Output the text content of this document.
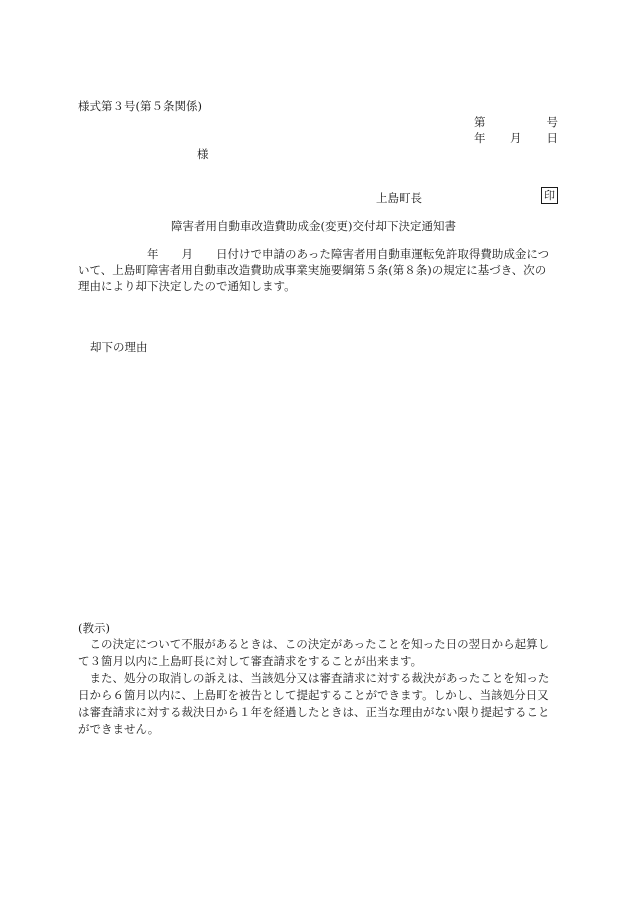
様式第３号(第５条関係)
第	号
年 月 日
様
上島町長	印
障害者用自動車改造費助成金(変更)交付却下決定通知書
　　　　　　年　　月　　日付けで申請のあった障害者用自動車運転免許取得費助成金につ
いて、上島町障害者用自動車改造費助成事業実施要綱第５条(第８条)の規定に基づき、次の
理由により却下決定したので通知します。
却下の理由
(教示)
　この決定について不服があるときは、この決定があったことを知った日の翌日から起算し
て３箇月以内に上島町長に対して審査請求をすることが出来ます。
　また、処分の取消しの訴えは、当該処分又は審査請求に対する裁決があったことを知った
日から６箇月以内に、上島町を被告として提起することができます。しかし、当該処分日又
は審査請求に対する裁決日から１年を経過したときは、正当な理由がない限り提起すること
ができません。
